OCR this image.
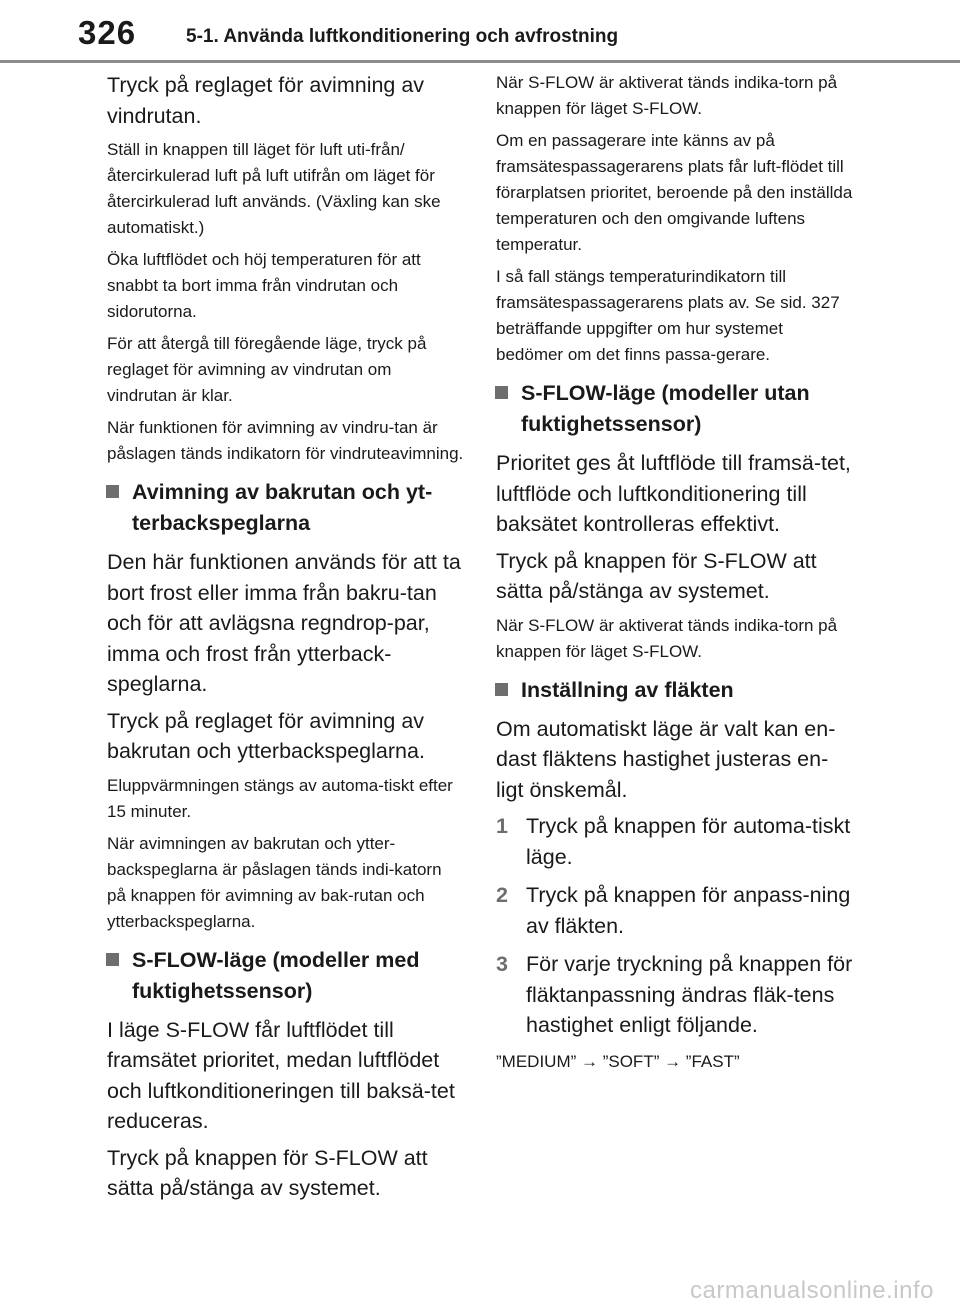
326	5-1. Använda luftkonditionering och avfrostning

Tryck på reglaget för avimning av vindrutan.

Ställ in knappen till läget för luft uti-från/återcirkulerad luft på luft utifrån om läget för återcirkulerad luft används. (Växling kan ske automatiskt.)

Öka luftflödet och höj temperaturen för att snabbt ta bort imma från vindrutan och sidorutorna.

För att återgå till föregående läge, tryck på reglaget för avimning av vindrutan om vindrutan är klar.

När funktionen för avimning av vindru-tan är påslagen tänds indikatorn för vindruteavimning.

Avimning av bakrutan och yt-terbackspeglarna

Den här funktionen används för att ta bort frost eller imma från bakru-tan och för att avlägsna regndrop-par, imma och frost från ytterback-speglarna.

Tryck på reglaget för avimning av bakrutan och ytterbackspeglarna.

Eluppvärmningen stängs av automa-tiskt efter 15 minuter.

När avimningen av bakrutan och ytter-backspeglarna är påslagen tänds indi-katorn på knappen för avimning av bak-rutan och ytterbackspeglarna.

S-FLOW-läge (modeller med fuktighetssensor)

I läge S-FLOW får luftflödet till framsätet prioritet, medan luftflödet och luftkonditioneringen till baksä-tet reduceras.

Tryck på knappen för S-FLOW att sätta på/stänga av systemet.

När S-FLOW är aktiverat tänds indika-torn på knappen för läget S-FLOW.

Om en passagerare inte känns av på framsätespassagerarens plats får luft-flödet till förarplatsen prioritet, beroende på den inställda temperaturen och den omgivande luftens temperatur.

I så fall stängs temperaturindikatorn till framsätespassagerarens plats av. Se sid. 327 beträffande uppgifter om hur systemet bedömer om det finns passa-gerare.

S-FLOW-läge (modeller utan fuktighetssensor)

Prioritet ges åt luftflöde till framsä-tet, luftflöde och luftkonditionering till baksätet kontrolleras effektivt.

Tryck på knappen för S-FLOW att sätta på/stänga av systemet.

När S-FLOW är aktiverat tänds indika-torn på knappen för läget S-FLOW.

Inställning av fläkten

Om automatiskt läge är valt kan en-dast fläktens hastighet justeras en-ligt önskemål.

1 Tryck på knappen för automa-tiskt läge.
2 Tryck på knappen för anpass-ning av fläkten.
3 För varje tryckning på knappen för fläktanpassning ändras fläk-tens hastighet enligt följande.

”MEDIUM” → ”SOFT” → ”FAST”

carmanualsonline.info
